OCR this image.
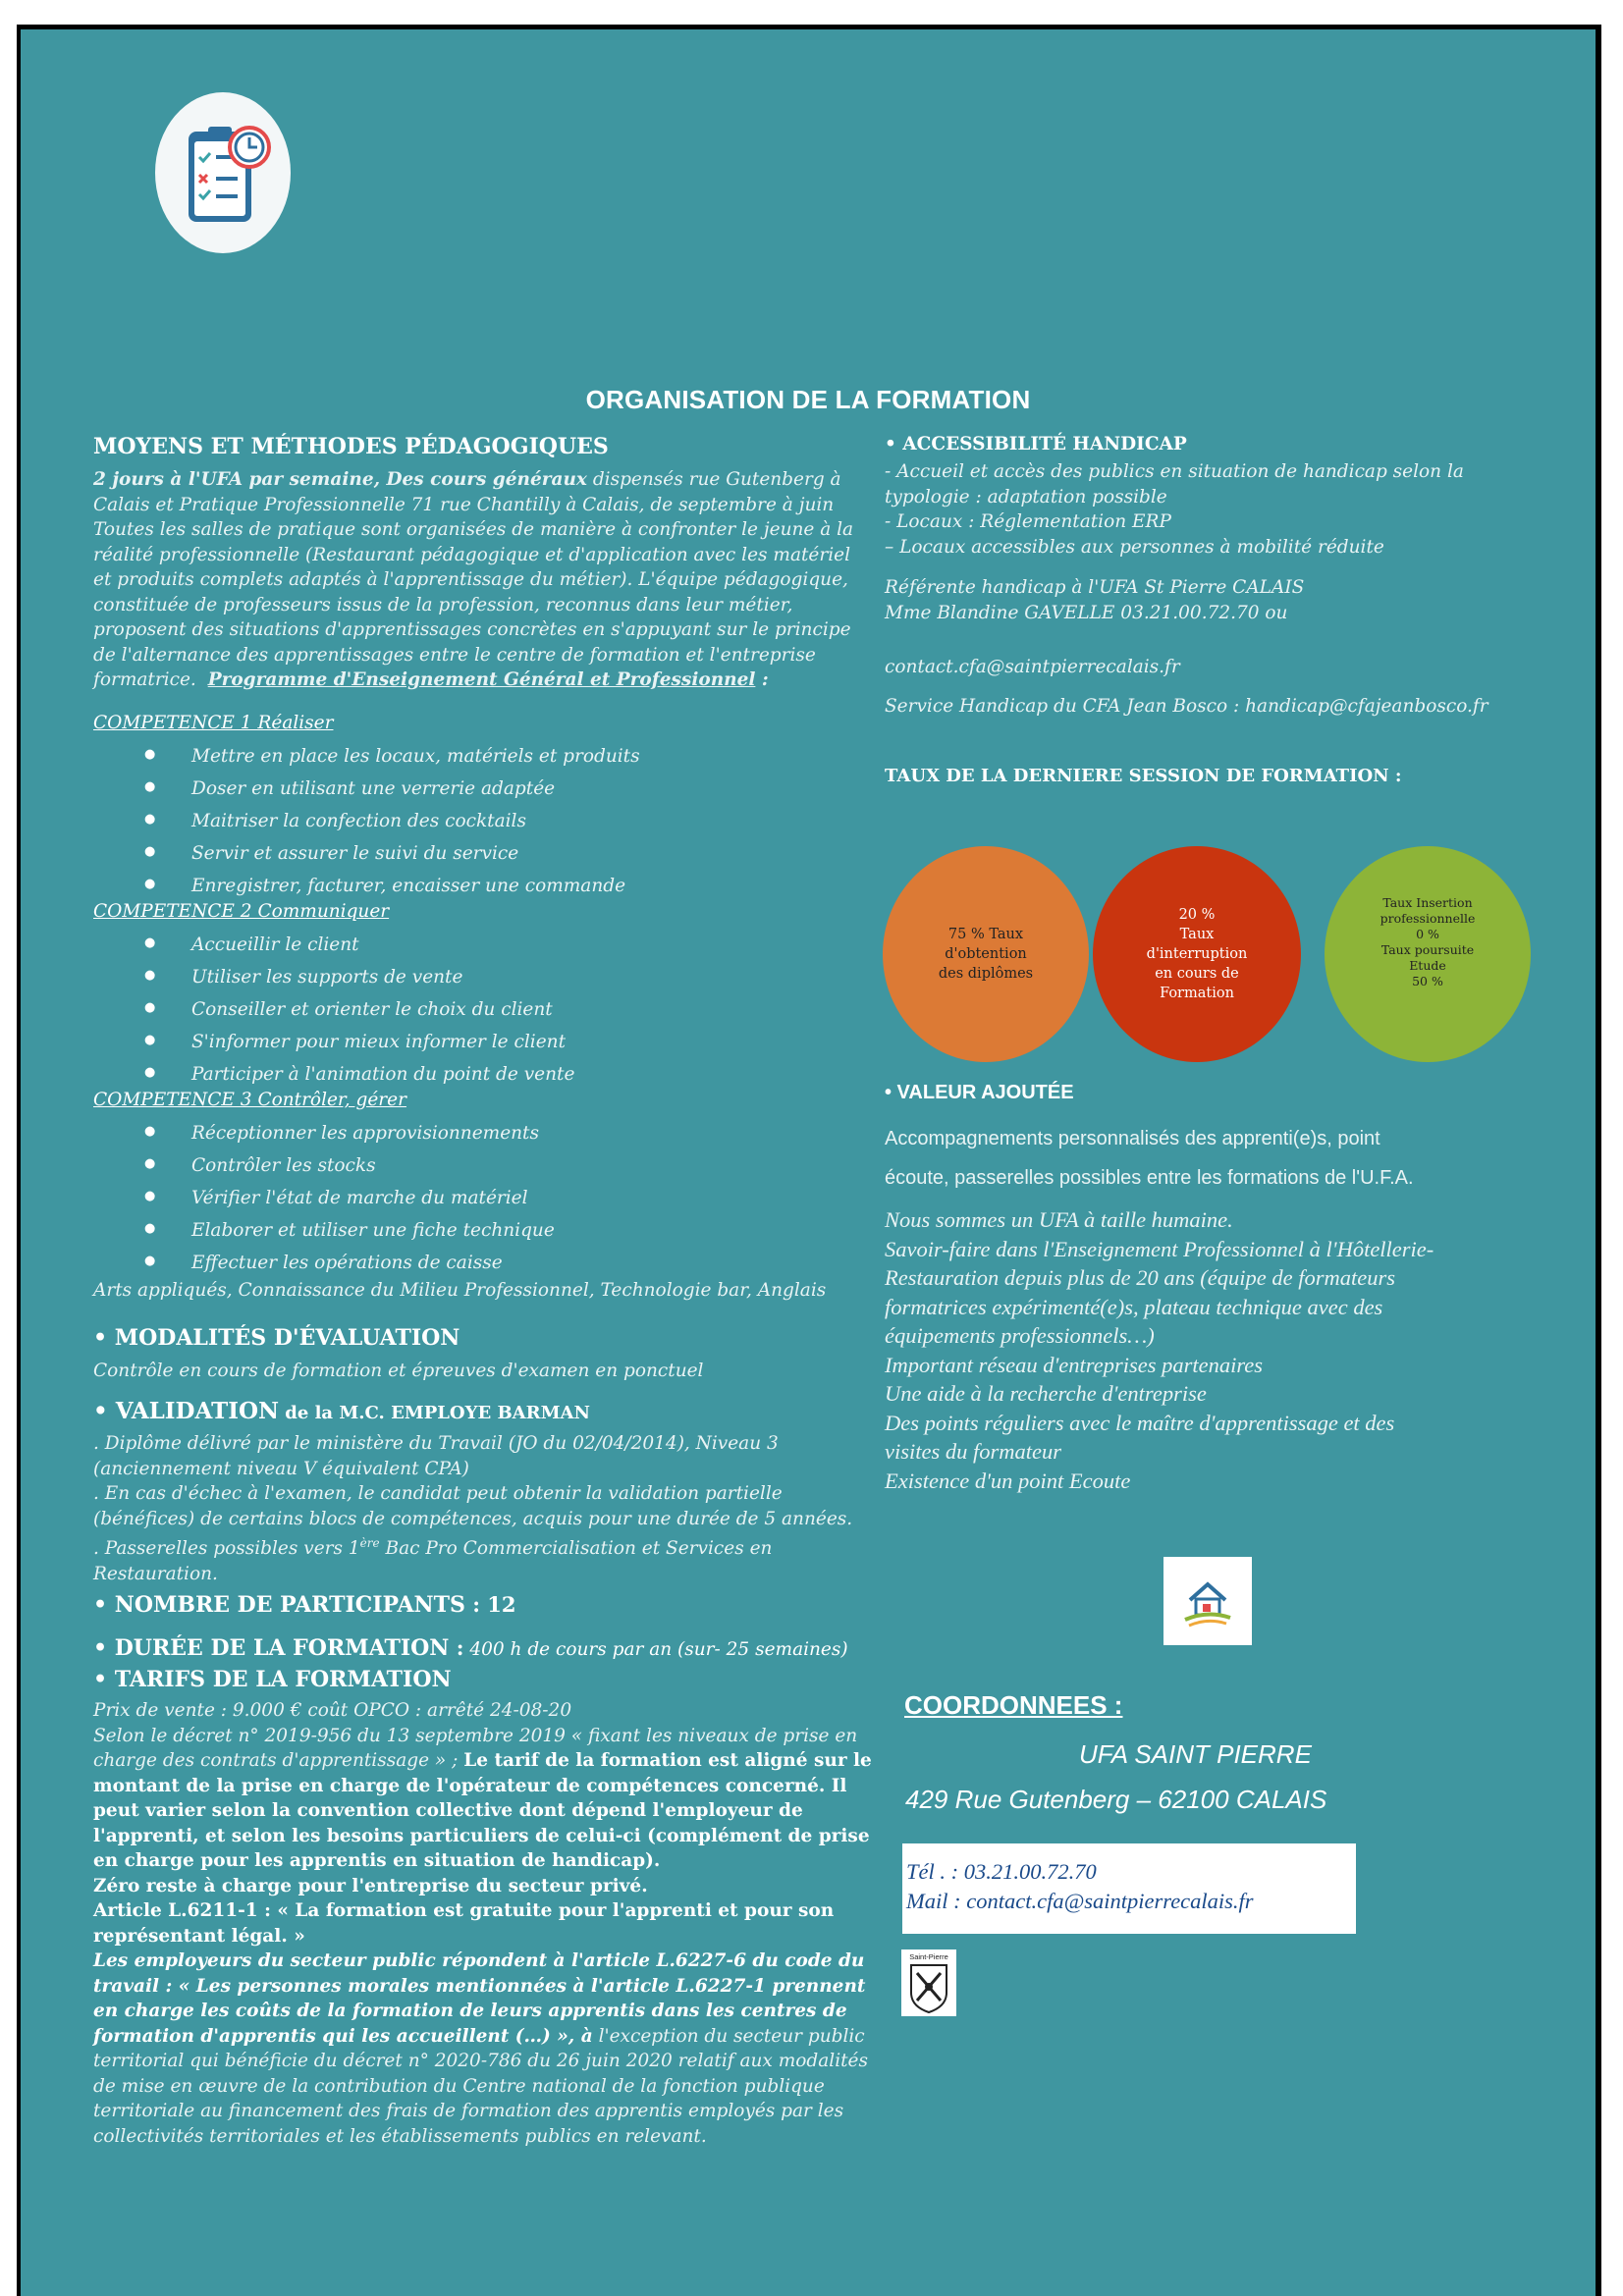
ORGANISATION DE LA FORMATION
MOYENS ET MÉTHODES PÉDAGOGIQUES
2 jours à l'UFA par semaine, Des cours généraux dispensés rue Gutenberg à Calais et Pratique Professionnelle 71 rue Chantilly à Calais, de septembre à juin
Toutes les salles de pratique sont organisées de manière à confronter le jeune à la réalité professionnelle (Restaurant pédagogique et d'application avec les matériel et produits complets adaptés à l'apprentissage du métier). L'équipe pédagogique, constituée de professeurs issus de la profession, reconnus dans leur métier, proposent des situations d'apprentissages concrètes en s'appuyant sur le principe de l'alternance des apprentissages entre le centre de formation et l'entreprise formatrice. Programme d'Enseignement Général et Professionnel :
COMPETENCE 1 Réaliser
● Mettre en place les locaux, matériels et produits
● Doser en utilisant une verrerie adaptée
● Maitriser la confection des cocktails
● Servir et assurer le suivi du service
● Enregistrer, facturer, encaisser une commande
COMPETENCE 2 Communiquer
● Accueillir le client
● Utiliser les supports de vente
● Conseiller et orienter le choix du client
● S'informer pour mieux informer le client
● Participer à l'animation du point de vente
COMPETENCE 3 Contrôler, gérer
● Réceptionner les approvisionnements
● Contrôler les stocks
● Vérifier l'état de marche du matériel
● Elaborer et utiliser une fiche technique
● Effectuer les opérations de caisse
Arts appliqués, Connaissance du Milieu Professionnel, Technologie bar, Anglais
• MODALITÉS D'ÉVALUATION
Contrôle en cours de formation et épreuves d'examen en ponctuel
• VALIDATION de la M.C. EMPLOYE BARMAN
. Diplôme délivré par le ministère du Travail (JO du 02/04/2014), Niveau 3 (anciennement niveau V équivalent CPA)
. En cas d'échec à l'examen, le candidat peut obtenir la validation partielle (bénéfices) de certains blocs de compétences, acquis pour une durée de 5 années.
. Passerelles possibles vers 1ère Bac Pro Commercialisation et Services en Restauration.
• NOMBRE DE PARTICIPANTS : 12
• DURÉE DE LA FORMATION : 400 h de cours par an (sur- 25 semaines)
• TARIFS DE LA FORMATION
Prix de vente : 9.000 € coût OPCO : arrêté 24-08-20
Selon le décret n° 2019-956 du 13 septembre 2019 « fixant les niveaux de prise en charge des contrats d'apprentissage » ; Le tarif de la formation est aligné sur le montant de la prise en charge de l'opérateur de compétences concerné. Il peut varier selon la convention collective dont dépend l'employeur de l'apprenti, et selon les besoins particuliers de celui-ci (complément de prise en charge pour les apprentis en situation de handicap).
Zéro reste à charge pour l'entreprise du secteur privé.
Article L.6211-1 : « La formation est gratuite pour l'apprenti et pour son représentant légal. »
Les employeurs du secteur public répondent à l'article L.6227-6 du code du travail : « Les personnes morales mentionnées à l'article L.6227-1 prennent en charge les coûts de la formation de leurs apprentis dans les centres de formation d'apprentis qui les accueillent (…) », à l'exception du secteur public territorial qui bénéficie du décret n° 2020-786 du 26 juin 2020 relatif aux modalités de mise en œuvre de la contribution du Centre national de la fonction publique territoriale au financement des frais de formation des apprentis employés par les collectivités territoriales et les établissements publics en relevant.
• ACCESSIBILITÉ HANDICAP
- Accueil et accès des publics en situation de handicap selon la typologie : adaptation possible
- Locaux : Réglementation ERP
– Locaux accessibles aux personnes à mobilité réduite
Référente handicap à l'UFA St Pierre CALAIS
Mme Blandine GAVELLE 03.21.00.72.70 ou
contact.cfa@saintpierrecalais.fr
Service Handicap du CFA Jean Bosco : handicap@cfajeanbosco.fr
TAUX DE LA DERNIERE SESSION DE FORMATION :
75 % Taux
d'obtention
des diplômes
20 %
Taux
d'interruption
en cours de
Formation
Taux Insertion
professionnelle
0 %
Taux poursuite
Etude
50 %
• VALEUR AJOUTÉE
Accompagnements personnalisés des apprenti(e)s, point
écoute, passerelles possibles entre les formations de l'U.F.A.
Nous sommes un UFA à taille humaine.
Savoir-faire dans l'Enseignement Professionnel à l'Hôtellerie-
Restauration depuis plus de 20 ans (équipe de formateurs
formatrices expérimenté(e)s, plateau technique avec des
équipements professionnels…)
Important réseau d'entreprises partenaires
Une aide à la recherche d'entreprise
Des points réguliers avec le maître d'apprentissage et des
visites du formateur
Existence d'un point Ecoute
COORDONNEES :
UFA SAINT PIERRE
429 Rue Gutenberg – 62100 CALAIS
Tél . : 03.21.00.72.70
Mail : contact.cfa@saintpierrecalais.fr
Saint-Pierre
